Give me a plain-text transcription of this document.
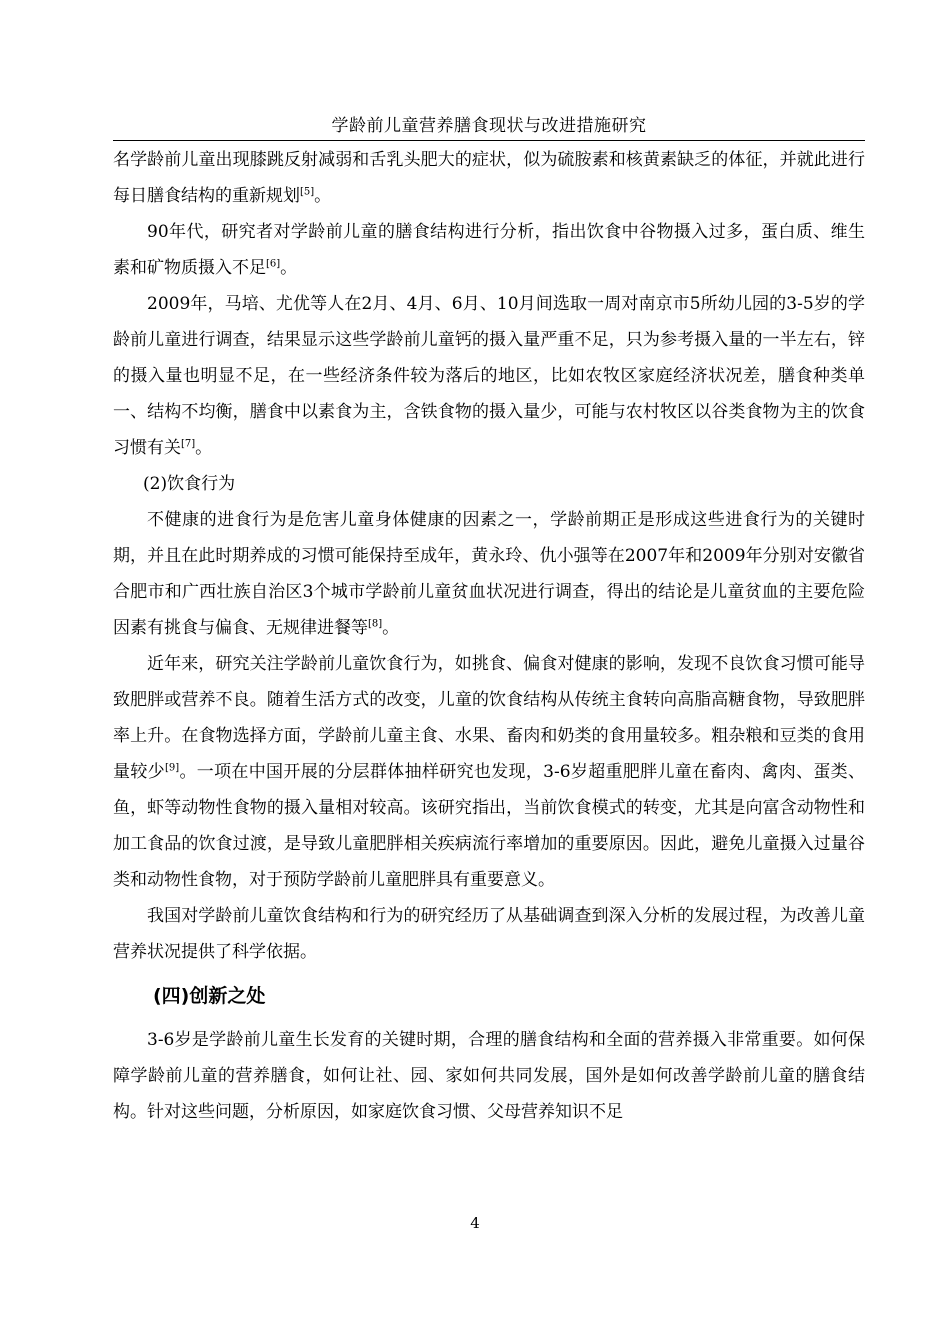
学龄前儿童营养膳食现状与改进措施研究

名学龄前儿童出现膝跳反射减弱和舌乳头肥大的症状，似为硫胺素和核黄素缺乏的体征，并就此进行每日膳食结构的重新规划[5]。

90年代，研究者对学龄前儿童的膳食结构进行分析，指出饮食中谷物摄入过多，蛋白质、维生素和矿物质摄入不足[6]。

2009年，马培、尤优等人在2月、4月、6月、10月间选取一周对南京市5所幼儿园的3-5岁的学龄前儿童进行调查，结果显示这些学龄前儿童钙的摄入量严重不足，只为参考摄入量的一半左右，锌的摄入量也明显不足，在一些经济条件较为落后的地区，比如农牧区家庭经济状况差，膳食种类单一、结构不均衡，膳食中以素食为主，含铁食物的摄入量少，可能与农村牧区以谷类食物为主的饮食习惯有关[7]。

(2)饮食行为

不健康的进食行为是危害儿童身体健康的因素之一，学龄前期正是形成这些进食行为的关键时期，并且在此时期养成的习惯可能保持至成年，黄永玲、仇小强等在2007年和2009年分别对安徽省合肥市和广西壮族自治区3个城市学龄前儿童贫血状况进行调查，得出的结论是儿童贫血的主要危险因素有挑食与偏食、无规律进餐等[8]。

近年来，研究关注学龄前儿童饮食行为，如挑食、偏食对健康的影响，发现不良饮食习惯可能导致肥胖或营养不良。随着生活方式的改变，儿童的饮食结构从传统主食转向高脂高糖食物，导致肥胖率上升。在食物选择方面，学龄前儿童主食、水果、畜肉和奶类的食用量较多。粗杂粮和豆类的食用量较少[9]。一项在中国开展的分层群体抽样研究也发现，3-6岁超重肥胖儿童在畜肉、禽肉、蛋类、鱼，虾等动物性食物的摄入量相对较高。该研究指出，当前饮食模式的转变，尤其是向富含动物性和加工食品的饮食过渡，是导致儿童肥胖相关疾病流行率增加的重要原因。因此，避免儿童摄入过量谷类和动物性食物，对于预防学龄前儿童肥胖具有重要意义。

我国对学龄前儿童饮食结构和行为的研究经历了从基础调查到深入分析的发展过程，为改善儿童营养状况提供了科学依据。

(四)创新之处

3-6岁是学龄前儿童生长发育的关键时期，合理的膳食结构和全面的营养摄入非常重要。如何保障学龄前儿童的营养膳食，如何让社、园、家如何共同发展，国外是如何改善学龄前儿童的膳食结构。针对这些问题，分析原因，如家庭饮食习惯、父母营养知识不足

4
